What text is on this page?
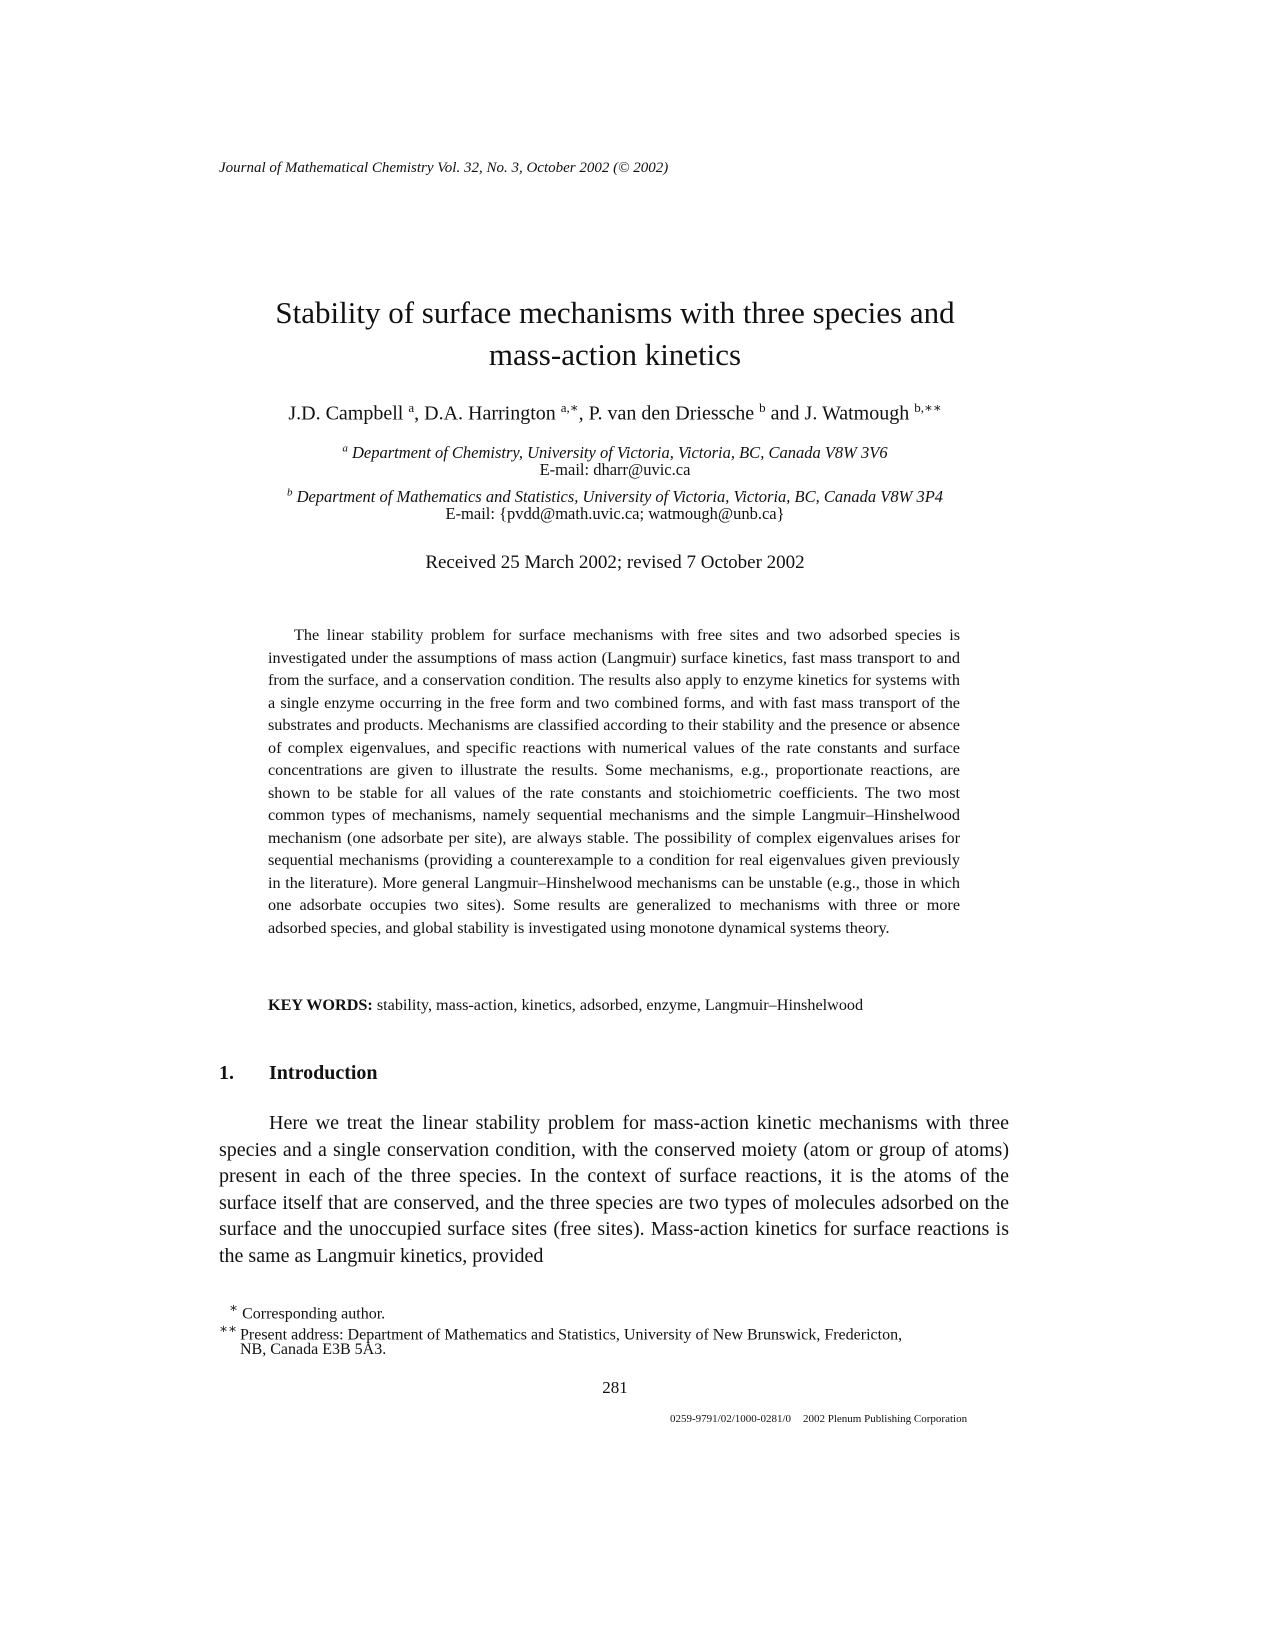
Journal of Mathematical Chemistry Vol. 32, No. 3, October 2002 (© 2002)
Stability of surface mechanisms with three species and
mass-action kinetics
J.D. Campbell $^a$, D.A. Harrington $^{a,∗}$, P. van den Driessche $^b$ and J. Watmough $^{b,∗∗}$
$^a$ Department of Chemistry, University of Victoria, Victoria, BC, Canada V8W 3V6
E-mail: dharr@uvic.ca
$^b$ Department of Mathematics and Statistics, University of Victoria, Victoria, BC, Canada V8W 3P4
E-mail: {pvdd@math.uvic.ca; watmough@unb.ca}
Received 25 March 2002; revised 7 October 2002

The linear stability problem for surface mechanisms with free sites and two adsorbed species is investigated under the assumptions of mass action (Langmuir) surface kinetics, fast mass transport to and from the surface, and a conservation condition. The results also apply to enzyme kinetics for systems with a single enzyme occurring in the free form and two combined forms, and with fast mass transport of the substrates and products. Mechanisms are classified according to their stability and the presence or absence of complex eigenvalues, and specific reactions with numerical values of the rate constants and surface concentrations are given to illustrate the results. Some mechanisms, e.g., proportionate reactions, are shown to be stable for all values of the rate constants and stoichiometric coefficients. The two most common types of mechanisms, namely sequential mechanisms and the simple Langmuir–Hinshelwood mechanism (one adsorbate per site), are always stable. The possibility of complex eigenvalues arises for sequential mechanisms (providing a counterexample to a condition for real eigenvalues given previously in the literature). More general Langmuir–Hinshelwood mechanisms can be unstable (e.g., those in which one adsorbate occupies two sites). Some results are generalized to mechanisms with three or more adsorbed species, and global stability is investigated using monotone dynamical systems theory.

KEY WORDS: stability, mass-action, kinetics, adsorbed, enzyme, Langmuir–Hinshelwood
1. Introduction

Here we treat the linear stability problem for mass-action kinetic mechanisms with three species and a single conservation condition, with the conserved moiety (atom or group of atoms) present in each of the three species. In the context of surface reactions, it is the atoms of the surface itself that are conserved, and the three species are two types of molecules adsorbed on the surface and the unoccupied surface sites (free sites). Mass-action kinetics for surface reactions is the same as Langmuir kinetics, provided

∗ Corresponding author.
∗∗ Present address: Department of Mathematics and Statistics, University of New Brunswick, Fredericton,
NB, Canada E3B 5A3.
281
0259-9791/02/1000-0281/0 2002 Plenum Publishing Corporation
